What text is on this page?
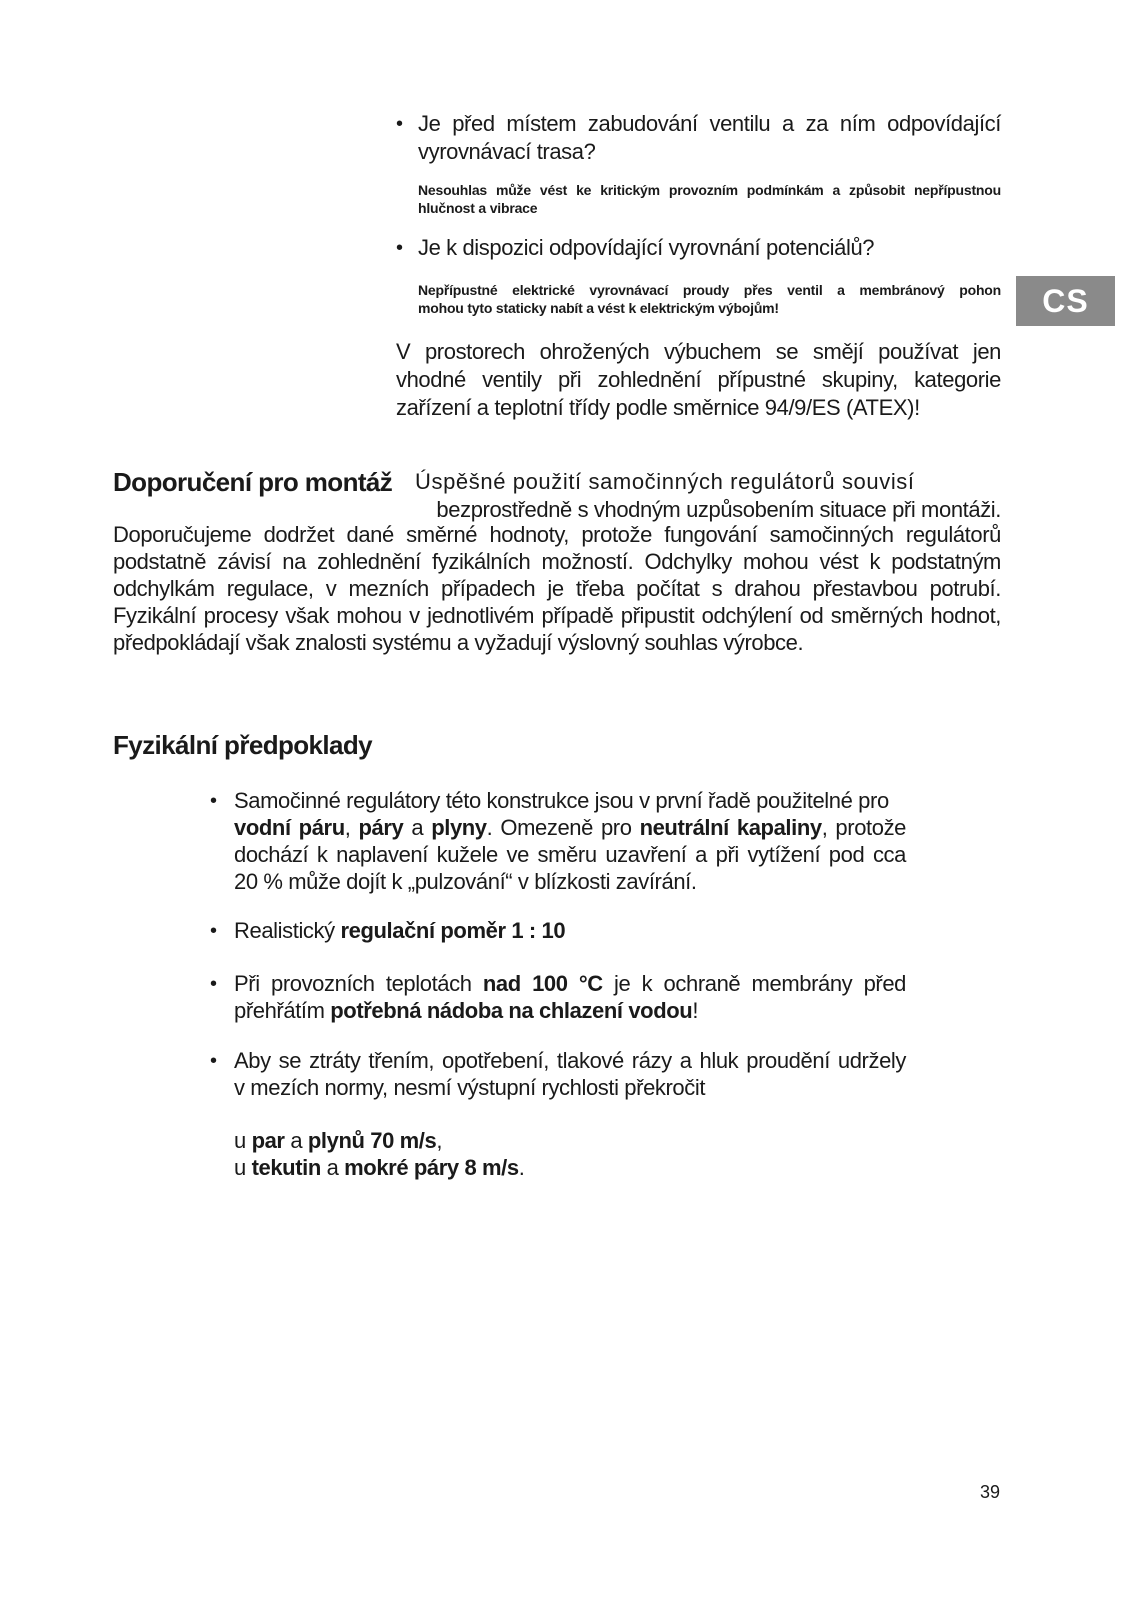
• Je před místem zabudování ventilu a za ním odpovídající
vyrovnávací trasa?
Nesouhlas může vést ke kritickým provozním podmínkám a způsobit nepřípustnou
hlučnost a vibrace
• Je k dispozici odpovídající vyrovnání potenciálů?
Nepřípustné elektrické vyrovnávací proudy přes ventil a membránový pohon
mohou tyto staticky nabít a vést k elektrickým výbojům!
V prostorech ohrožených výbuchem se smějí používat jen
vhodné ventily při zohlednění přípustné skupiny, kategorie
zařízení a teplotní třídy podle směrnice 94/9/ES (ATEX)!
CS
Doporučení pro montáž Úspěšné použití samočinných regulátorů souvisí
bezprostředně s vhodným uzpůsobením situace při montáži.
Doporučujeme dodržet dané směrné hodnoty, protože fungování samočinných regulátorů
podstatně závisí na zohlednění fyzikálních možností. Odchylky mohou vést k podstatným
odchylkám regulace, v mezních případech je třeba počítat s drahou přestavbou potrubí.
Fyzikální procesy však mohou v jednotlivém případě připustit odchýlení od směrných hodnot,
předpokládají však znalosti systému a vyžadují výslovný souhlas výrobce.
Fyzikální předpoklady
• Samočinné regulátory této konstrukce jsou v první řadě použitelné pro
vodní páru, páry a plyny. Omezeně pro neutrální kapaliny, protože
dochází k naplavení kužele ve směru uzavření a při vytížení pod cca
20 % může dojít k „pulzování“ v blízkosti zavírání.
• Realistický regulační poměr 1 : 10
• Při provozních teplotách nad 100 °C je k ochraně membrány před
přehřátím potřebná nádoba na chlazení vodou!
• Aby se ztráty třením, opotřebení, tlakové rázy a hluk proudění udržely
v mezích normy, nesmí výstupní rychlosti překročit
u par a plynů 70 m/s,
u tekutin a mokré páry 8 m/s.
39
